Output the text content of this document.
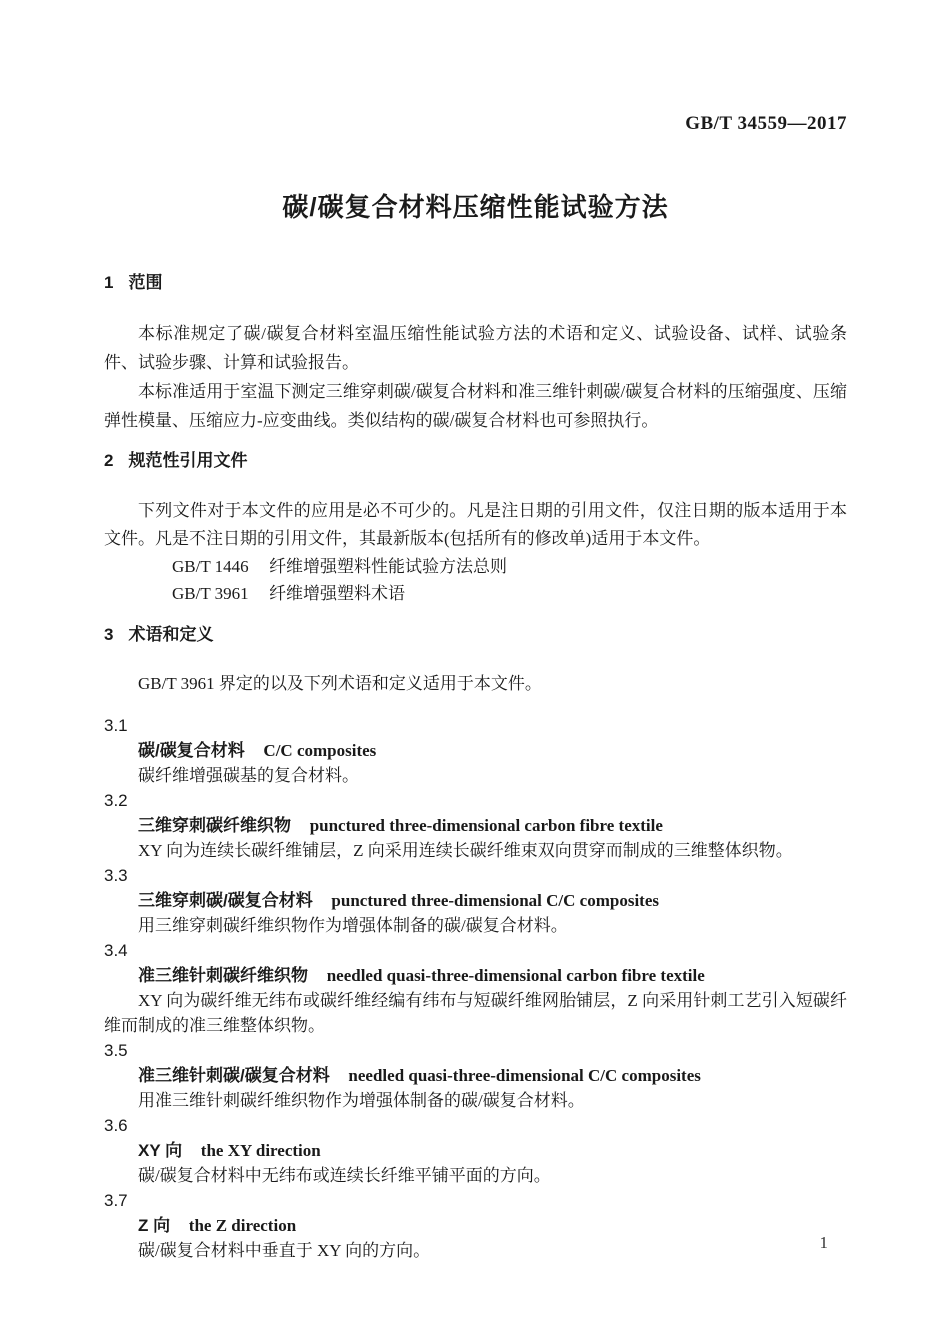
GB/T 34559—2017
碳/碳复合材料压缩性能试验方法
1 范围

本标准规定了碳/碳复合材料室温压缩性能试验方法的术语和定义、试验设备、试样、试验条件、试验步骤、计算和试验报告。

本标准适用于室温下测定三维穿刺碳/碳复合材料和准三维针刺碳/碳复合材料的压缩强度、压缩弹性模量、压缩应力-应变曲线。类似结构的碳/碳复合材料也可参照执行。

2 规范性引用文件

下列文件对于本文件的应用是必不可少的。凡是注日期的引用文件，仅注日期的版本适用于本文件。凡是不注日期的引用文件，其最新版本(包括所有的修改单)适用于本文件。

GB/T 1446 纤维增强塑料性能试验方法总则
GB/T 3961 纤维增强塑料术语
3 术语和定义

GB/T 3961 界定的以及下列术语和定义适用于本文件。

3.1
碳/碳复合材料 C/C composites

碳纤维增强碳基的复合材料。

3.2
三维穿刺碳纤维织物 punctured three-dimensional carbon fibre textile

XY 向为连续长碳纤维铺层，Z 向采用连续长碳纤维束双向贯穿而制成的三维整体织物。

3.3
三维穿刺碳/碳复合材料 punctured three-dimensional C/C composites

用三维穿刺碳纤维织物作为增强体制备的碳/碳复合材料。

3.4
准三维针刺碳纤维织物 needled quasi-three-dimensional carbon fibre textile

XY 向为碳纤维无纬布或碳纤维经编有纬布与短碳纤维网胎铺层，Z 向采用针刺工艺引入短碳纤维而制成的准三维整体织物。

3.5
准三维针刺碳/碳复合材料 needled quasi-three-dimensional C/C composites

用准三维针刺碳纤维织物作为增强体制备的碳/碳复合材料。

3.6
XY 向 the XY direction

碳/碳复合材料中无纬布或连续长纤维平铺平面的方向。

3.7
Z 向 the Z direction

碳/碳复合材料中垂直于 XY 向的方向。	1
